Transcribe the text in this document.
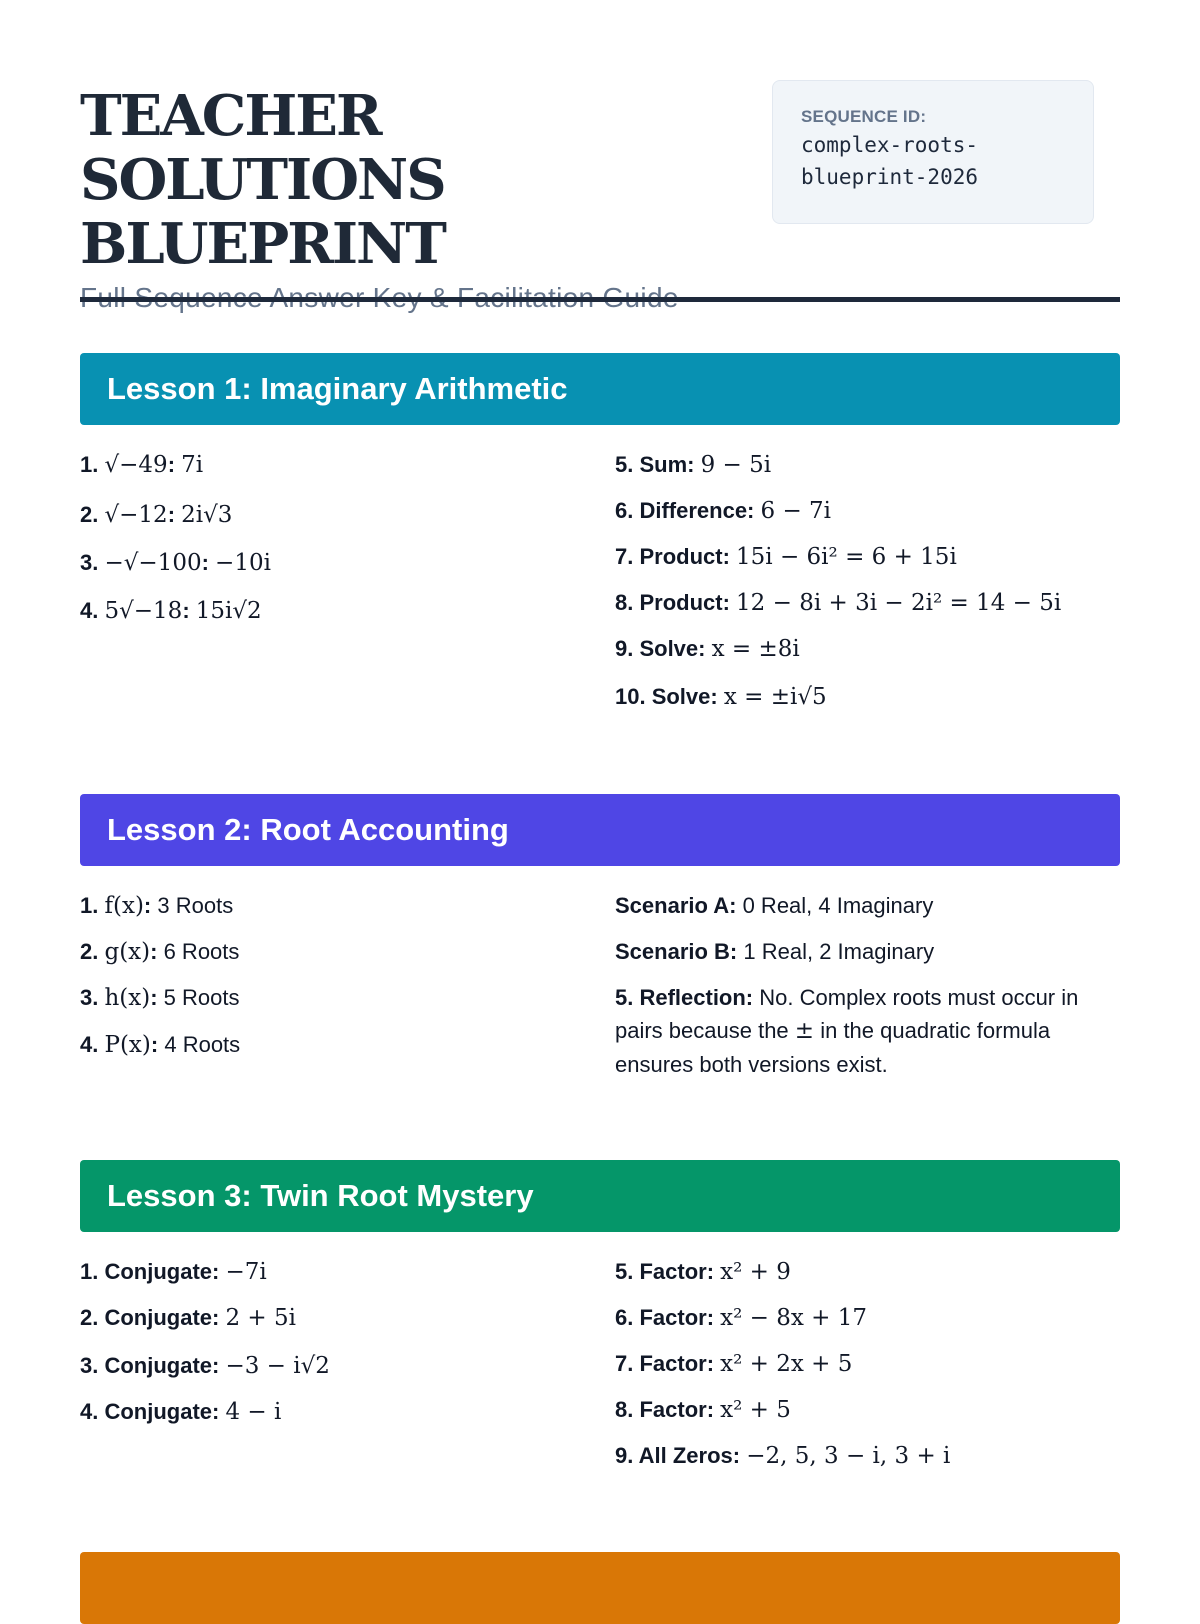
TEACHER SOLUTIONS
BLUEPRINT
SEQUENCE ID:
complex-roots-blueprint-2026
Lesson 1: Imaginary Arithmetic
1. √−49: 7i
2. √−12: 2i√3
3. −√−100: −10i
4. 5√−18: 15i√2
5. Sum: 9 − 5i
6. Difference: 6 − 7i
7. Product: 15i − 6i² = 6 + 15i
8. Product: 12 − 8i + 3i − 2i² = 14 − 5i
9. Solve: x = ±8i
10. Solve: x = ±i√5
Lesson 2: Root Accounting
1. f(x): 3 Roots
2. g(x): 6 Roots
3. h(x): 5 Roots
4. P(x): 4 Roots
Scenario A: 0 Real, 4 Imaginary
Scenario B: 1 Real, 2 Imaginary
5. Reflection: No. Complex roots must occur in pairs because the ± in the quadratic formula ensures both versions exist.
Lesson 3: Twin Root Mystery
1. Conjugate: −7i
2. Conjugate: 2 + 5i
3. Conjugate: −3 − i√2
4. Conjugate: 4 − i
5. Factor: x² + 9
6. Factor: x² − 8x + 17
7. Factor: x² + 2x + 5
8. Factor: x² + 5
9. All Zeros: −2, 5, 3 − i, 3 + i
